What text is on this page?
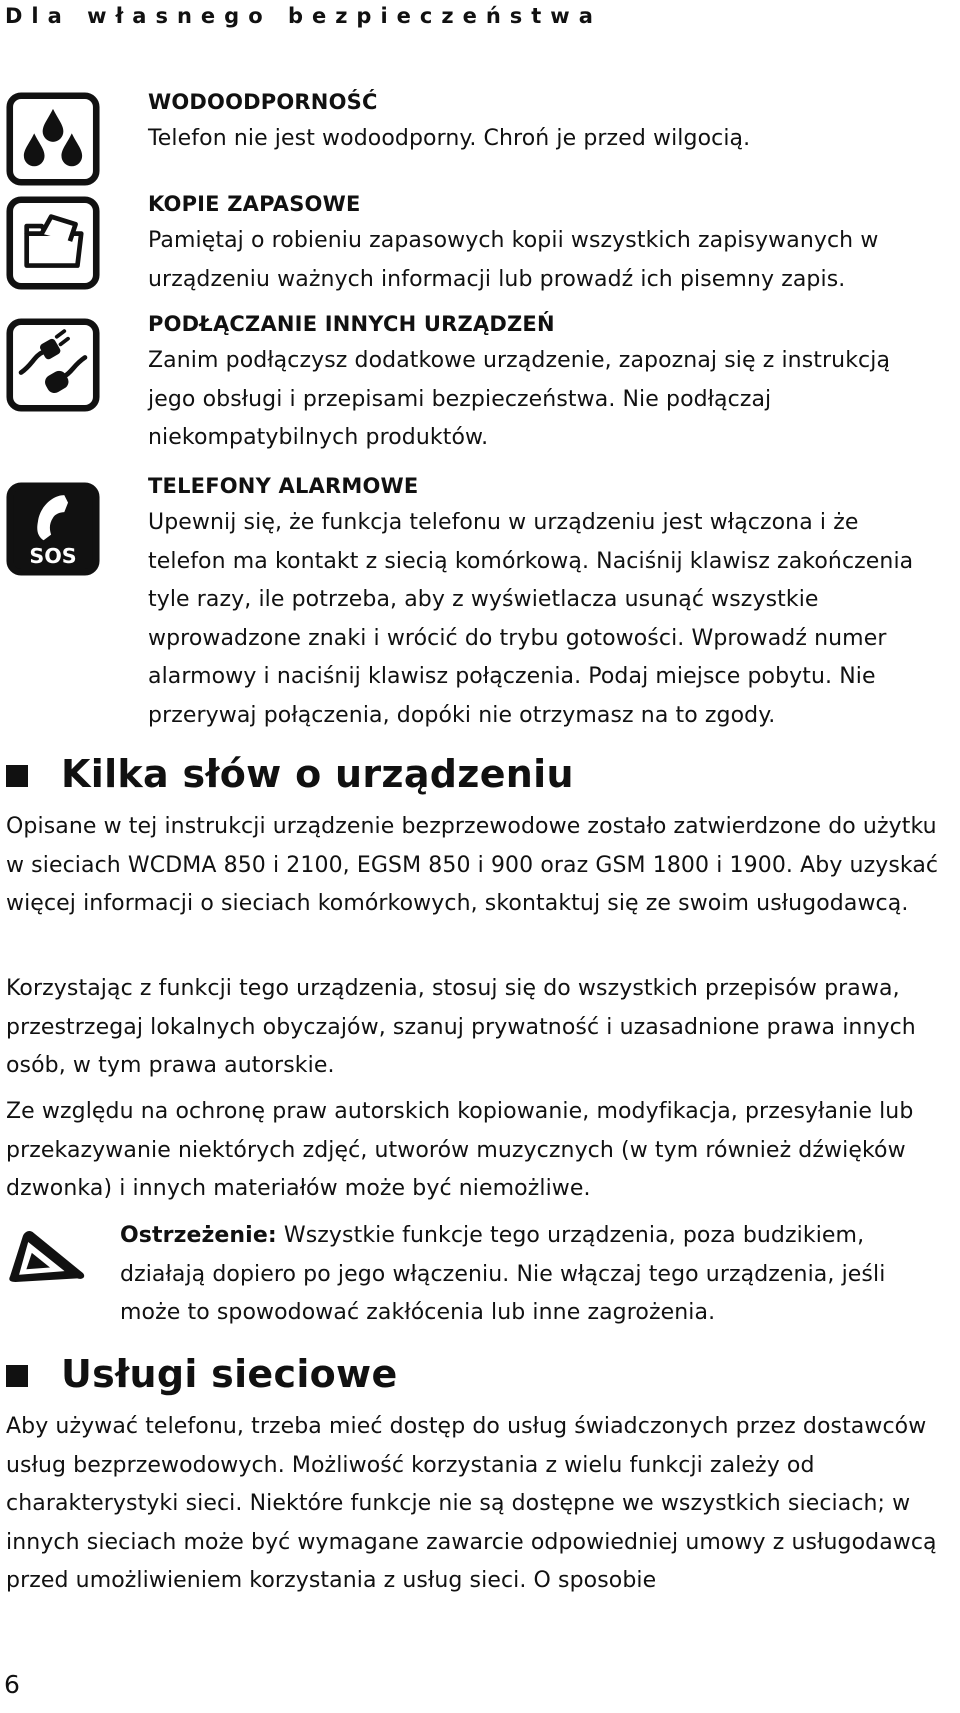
Dla własnego bezpieczeństwa
WODOODPORNOŚĆ
Telefon nie jest wodoodporny. Chroń je przed wilgocią.
KOPIE ZAPASOWE
Pamiętaj o robieniu zapasowych kopii wszystkich zapisywanych w urządzeniu ważnych informacji lub prowadź ich pisemny zapis.
PODŁĄCZANIE INNYCH URZĄDZEŃ
Zanim podłączysz dodatkowe urządzenie, zapoznaj się z instrukcją jego obsługi i przepisami bezpieczeństwa. Nie podłączaj niekompatybilnych produktów.
SOS
TELEFONY ALARMOWE
Upewnij się, że funkcja telefonu w urządzeniu jest włączona i że telefon ma kontakt z siecią komórkową. Naciśnij klawisz zakończenia tyle razy, ile potrzeba, aby z wyświetlacza usunąć wszystkie wprowadzone znaki i wrócić do trybu gotowości. Wprowadź numer alarmowy i naciśnij klawisz połączenia. Podaj miejsce pobytu. Nie przerywaj połączenia, dopóki nie otrzymasz na to zgody.
Kilka słów o urządzeniu
Opisane w tej instrukcji urządzenie bezprzewodowe zostało zatwierdzone do użytku w sieciach WCDMA 850 i 2100, EGSM 850 i 900 oraz GSM 1800 i 1900. Aby uzyskać więcej informacji o sieciach komórkowych, skontaktuj się ze swoim usługodawcą.
Korzystając z funkcji tego urządzenia, stosuj się do wszystkich przepisów prawa, przestrzegaj lokalnych obyczajów, szanuj prywatność i uzasadnione prawa innych osób, w tym prawa autorskie.
Ze względu na ochronę praw autorskich kopiowanie, modyfikacja, przesyłanie lub przekazywanie niektórych zdjęć, utworów muzycznych (w tym również dźwięków dzwonka) i innych materiałów może być niemożliwe.
Ostrzeżenie: Wszystkie funkcje tego urządzenia, poza budzikiem, działają dopiero po jego włączeniu. Nie włączaj tego urządzenia, jeśli może to spowodować zakłócenia lub inne zagrożenia.
Usługi sieciowe
Aby używać telefonu, trzeba mieć dostęp do usług świadczonych przez dostawców usług bezprzewodowych. Możliwość korzystania z wielu funkcji zależy od charakterystyki sieci. Niektóre funkcje nie są dostępne we wszystkich sieciach; w innych sieciach może być wymagane zawarcie odpowiedniej umowy z usługodawcą przed umożliwieniem korzystania z usług sieci. O sposobie
6
